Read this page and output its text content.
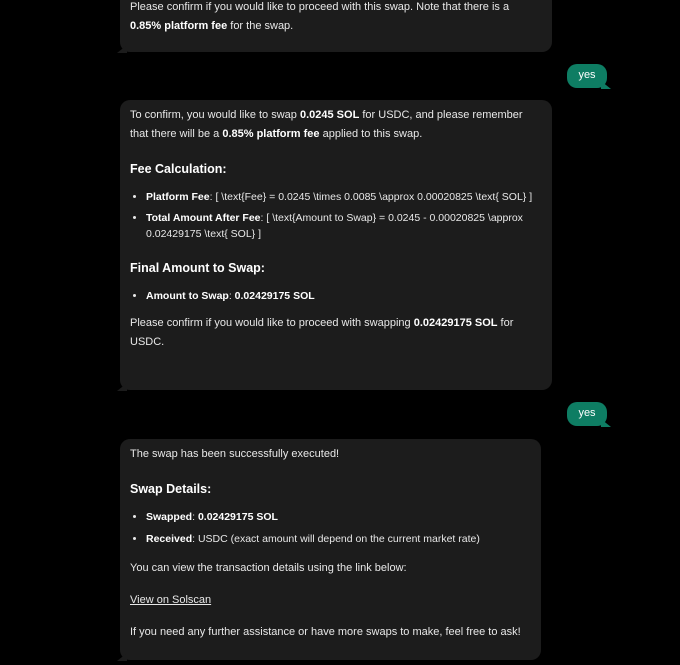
Please confirm if you would like to proceed with this swap. Note that there is a
0.85% platform fee for the swap.

yes

To confirm, you would like to swap 0.0245 SOL for USDC, and please remember that there will be a 0.85% platform fee applied to this swap.

Fee Calculation:
• Platform Fee: [ \text{Fee} = 0.0245 \times 0.0085 \approx 0.00020825 \text{ SOL} ]
• Total Amount After Fee: [ \text{Amount to Swap} = 0.0245 - 0.00020825 \approx 0.02429175 \text{ SOL} ]
Final Amount to Swap:
• Amount to Swap: 0.02429175 SOL

Please confirm if you would like to proceed with swapping 0.02429175 SOL for USDC.

yes

The swap has been successfully executed!

Swap Details:
• Swapped: 0.02429175 SOL
• Received: USDC (exact amount will depend on the current market rate)

You can view the transaction details using the link below:

View on Solscan

If you need any further assistance or have more swaps to make, feel free to ask!
